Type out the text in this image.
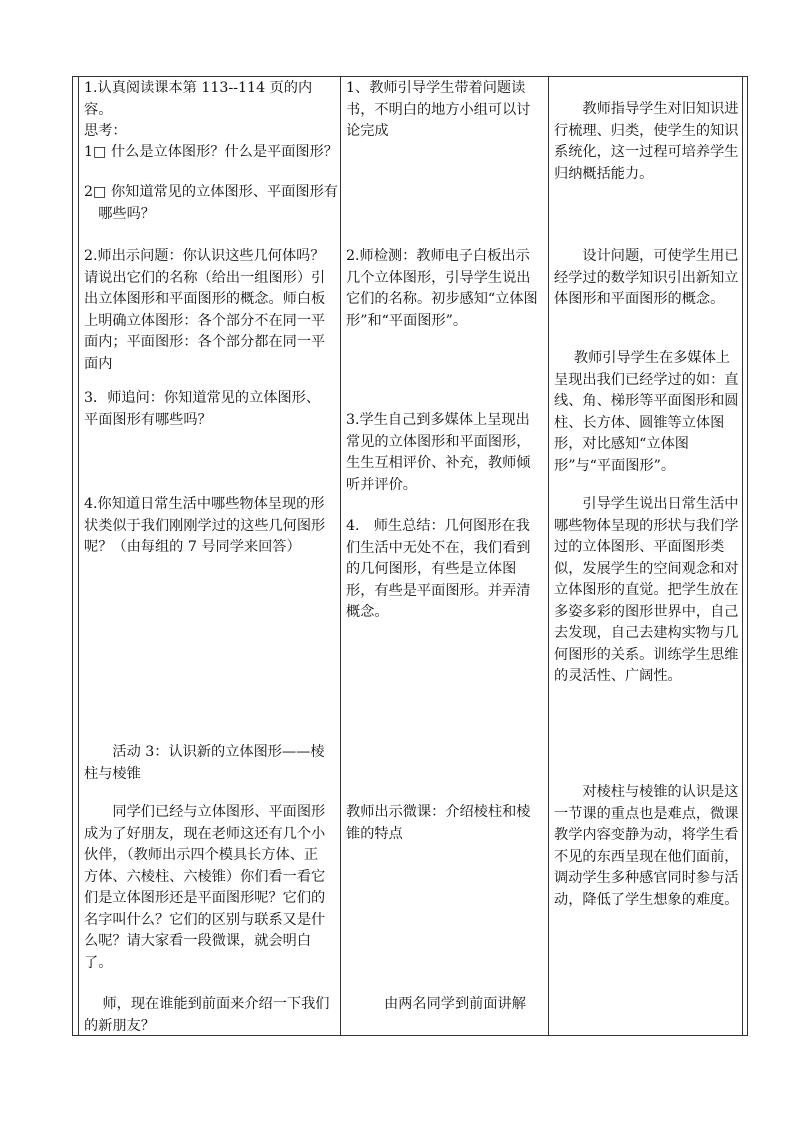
1.认真阅读课本第 113--114 页的内容。

思考：

1□ 什么是立体图形？什么是平面图形？

2□ 你知道常见的立体图形、平面图形有哪些吗？

2.师出示问题：你认识这些几何体吗？ 请说出它们的名称（给出一组图形）引出立体图形和平面图形的概念。师白板上明确立体图形：各个部分不在同一平面内；平面图形：各个部分都在同一平面内

3．师追问：你知道常见的立体图形、平面图形有哪些吗？

4.你知道日常生活中哪些物体呈现的形状类似于我们刚刚学过的这些几何图形呢？（由每组的 7 号同学来回答）

活动 3：认识新的立体图形——棱柱与棱锥

同学们已经与立体图形、平面图形成为了好朋友，现在老师这还有几个小伙伴，（教师出示四个模具长方体、正方体、六棱柱、六棱锥）你们看一看它们是立体图形还是平面图形呢？它们的名字叫什么？它们的区别与联系又是什么呢？请大家看一段微课，就会明白了。

师，现在谁能到前面来介绍一下我们的新朋友？

1、教师引导学生带着问题读书，不明白的地方小组可以讨论完成

2.师检测：教师电子白板出示几个立体图形，引导学生说出它们的名称。初步感知“立体图形”和“平面图形”。

3.学生自己到多媒体上呈现出常见的立体图形和平面图形，生生互相评价、补充，教师倾听并评价。

4.　师生总结：几何图形在我们生活中无处不在，我们看到的几何图形，有些是立体图形，有些是平面图形。并弄清概念。

教师出示微课：介绍棱柱和棱锥的特点

由两名同学到前面讲解

教师指导学生对旧知识进行梳理、归类，使学生的知识系统化，这一过程可培养学生归纳概括能力。

设计问题，可使学生用已经学过的数学知识引出新知立体图形和平面图形的概念。

教师引导学生在多媒体上呈现出我们已经学过的如：直线、角、梯形等平面图形和圆柱、长方体、圆锥等立体图形，对比感知“立体图形”与“平面图形”。

引导学生说出日常生活中哪些物体呈现的形状与我们学过的立体图形、平面图形类似，发展学生的空间观念和对立体图形的直觉。把学生放在多姿多彩的图形世界中，自己去发现，自己去建构实物与几何图形的关系。训练学生思维的灵活性、广阔性。

对棱柱与棱锥的认识是这一节课的重点也是难点，微课教学内容变静为动，将学生看不见的东西呈现在他们面前，调动学生多种感官同时参与活动，降低了学生想象的难度。
